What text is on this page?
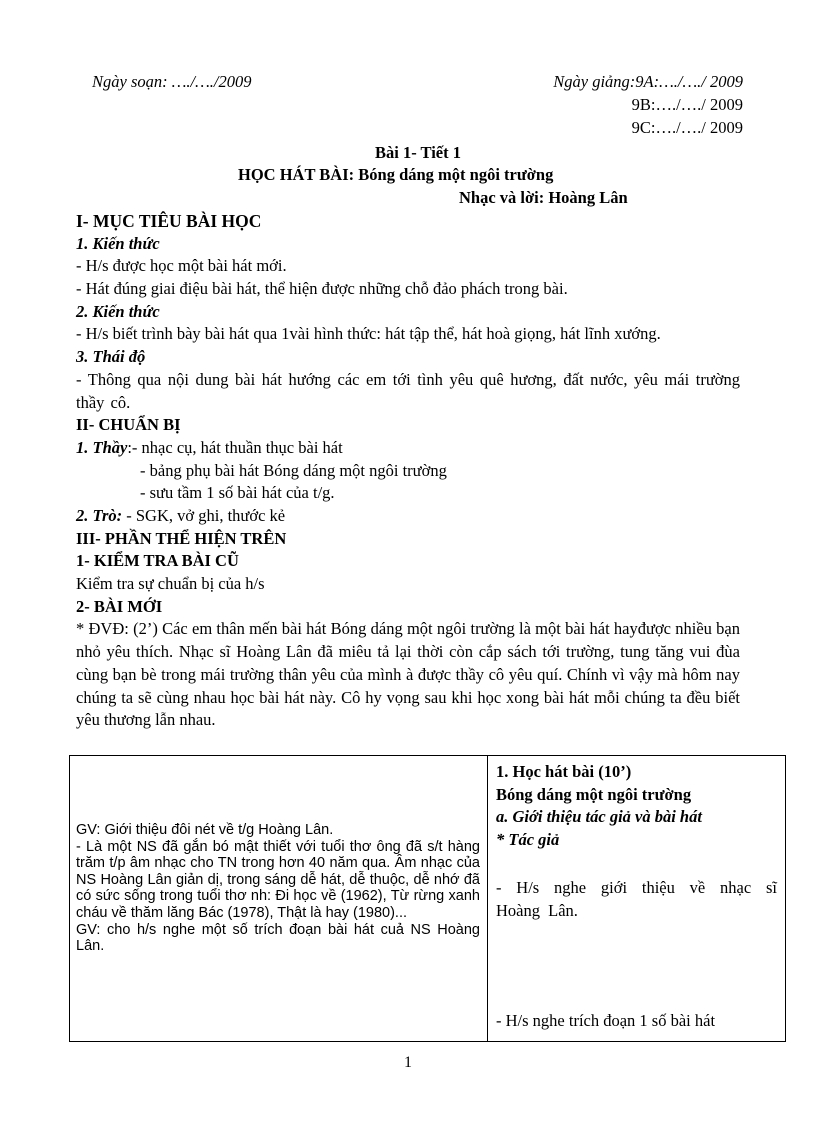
Ngày soạn: …./…./2009	Ngày giảng:9A:…./…./ 2009
9B:…./…./ 2009
9C:…./…./ 2009
Bài 1- Tiết 1
HỌC HÁT BÀI: Bóng dáng một ngôi trường
Nhạc và lời: Hoàng Lân
I- MỤC TIÊU BÀI HỌC
1. Kiến thức
- H/s được học một bài hát mới.
- Hát đúng giai điệu bài hát, thể hiện được những chỗ đảo phách trong bài.
2. Kiến thức
- H/s biết trình bày bài hát qua 1vài hình thức: hát tập thể, hát hoà giọng, hát lĩnh xướng.
3. Thái độ
- Thông qua nội dung bài hát hướng các em tới tình yêu quê hương, đất nước, yêu mái trường thầy cô.
II- CHUẨN BỊ
1. Thầy:- nhạc cụ, hát thuần thục bài hát
- bảng phụ bài hát Bóng dáng một ngôi trường
- sưu tầm 1 số bài hát của t/g.
2. Trò: - SGK, vở ghi, thước kẻ
III- PHẦN THỂ HIỆN TRÊN
1- KIỂM TRA BÀI CŨ
Kiểm tra sự chuẩn bị của h/s
2- BÀI MỚI
* ĐVĐ: (2’) Các em thân mến bài hát Bóng dáng một ngôi trường là một bài hát hayđược nhiều bạn nhỏ yêu thích. Nhạc sĩ Hoàng Lân đã miêu tả lại thời còn cắp sách tới trường, tung tăng vui đùa cùng bạn bè trong mái trường thân yêu của mình à được thầy cô yêu quí. Chính vì vậy mà hôm nay chúng ta sẽ cùng nhau học bài hát này. Cô hy vọng sau khi học xong bài hát mỗi chúng ta đều biết yêu thương lẫn nhau.
GV: Giới thiệu đôi nét về t/g Hoàng Lân.
- Là một NS đã gắn bó mật thiết với tuổi thơ ông đã s/t hàng trăm t/p âm nhạc cho TN trong hơn 40 năm qua. Âm nhạc của NS Hoàng Lân giản dị, trong sáng dễ hát, dễ thuộc, dễ nhớ đã có sức sống trong tuổi thơ nh: Đi học về (1962), Từ rừng xanh cháu về thăm lăng Bác (1978), Thật là hay (1980)...
GV: cho h/s nghe một số trích đoạn bài hát cuả NS Hoàng Lân.
1. Học hát bài (10’)
Bóng dáng một ngôi trường
a. Giới thiệu tác giả và bài hát
* Tác giả
- H/s nghe giới thiệu về nhạc sĩ Hoàng Lân.
- H/s nghe trích đoạn 1 số bài hát
1
